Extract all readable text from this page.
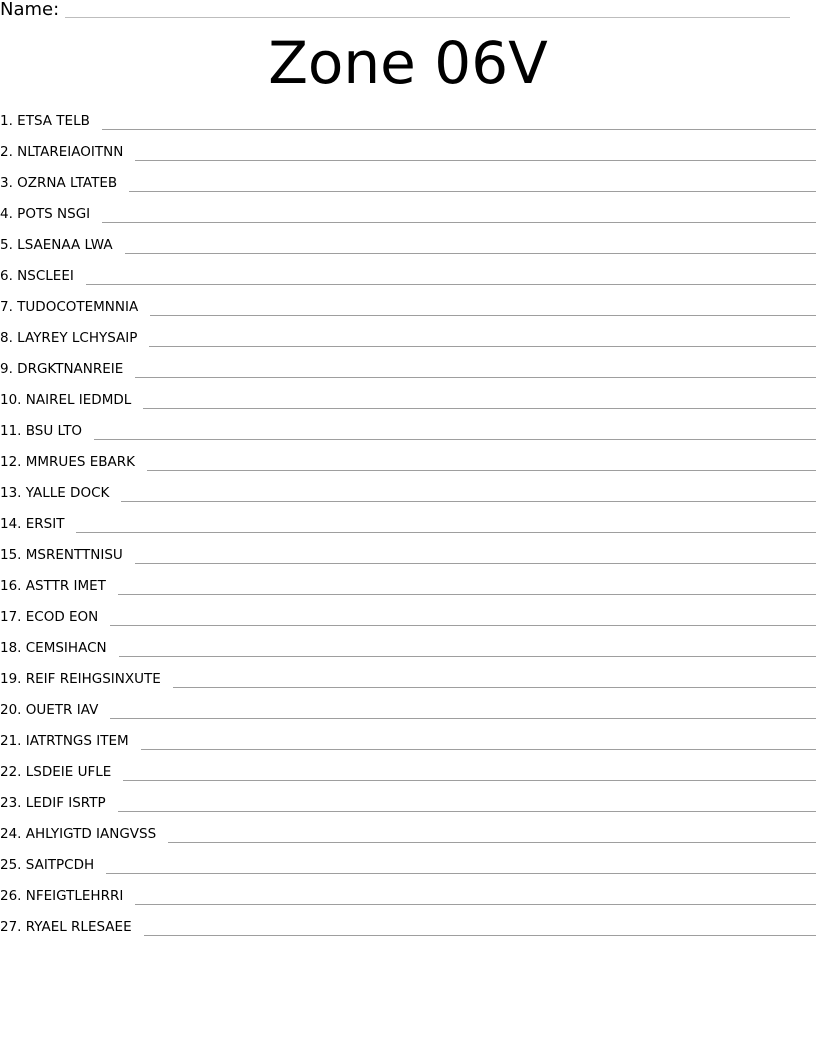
Name:
Zone 06V
1. ETSA TELB
2. NLTAREIAOITNN
3. OZRNA LTATEB
4. POTS NSGI
5. LSAENAA LWA
6. NSCLEEI
7. TUDOCOTEMNNIA
8. LAYREY LCHYSAIP
9. DRGKTNANREIE
10. NAIREL IEDMDL
11. BSU LTO
12. MMRUES EBARK
13. YALLE DOCK
14. ERSIT
15. MSRENTTNISU
16. ASTTR IMET
17. ECOD EON
18. CEMSIHACN
19. REIF REIHGSINXUTE
20. OUETR IAV
21. IATRTNGS ITEM
22. LSDEIE UFLE
23. LEDIF ISRTP
24. AHLYIGTD IANGVSS
25. SAITPCDH
26. NFEIGTLEHRRI
27. RYAEL RLESAEE
